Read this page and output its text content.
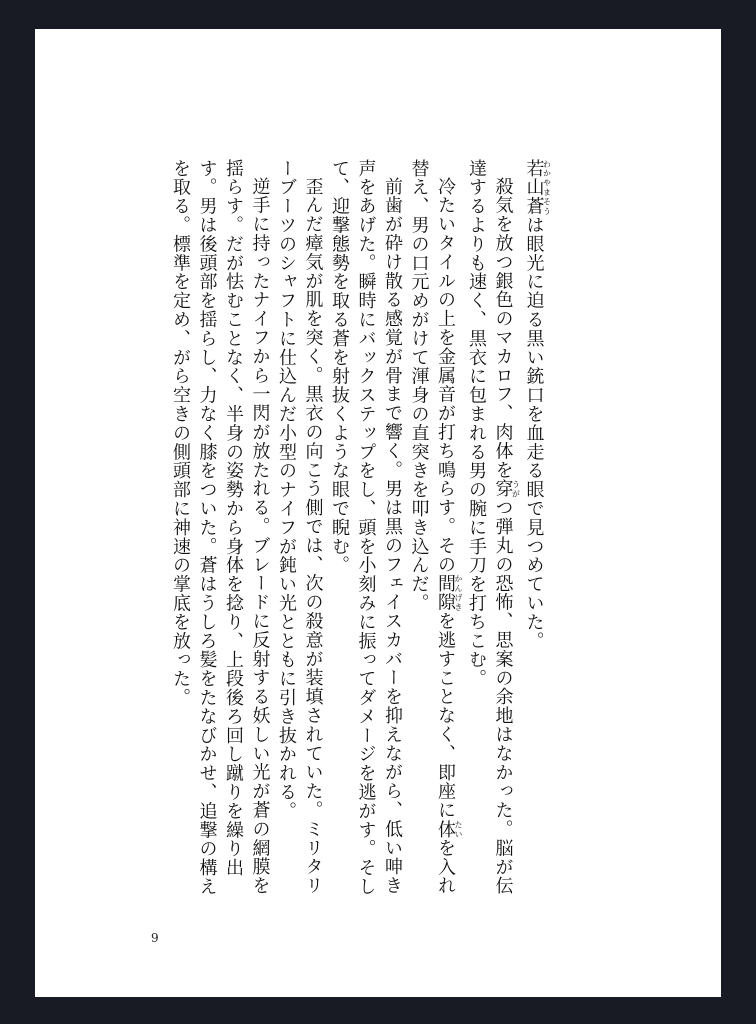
若山蒼わかやまそうは眼光に迫る黒い銃口を血走る眼で見つめていた。

殺気を放つ銀色のマカロフ、肉体を穿うがつ弾丸の恐怖、思案の余地はなかった。脳が伝達するよりも速く、黒衣に包まれる男の腕に手刀を打ちこむ。

冷たいタイルの上を金属音が打ち鳴らす。その間隙かんげきを逃すことなく、即座に体たいを入れ替え、男の口元めがけて渾身の直突きを叩き込んだ。

前歯が砕け散る感覚が骨まで響く。男は黒のフェイスカバーを抑えながら、低い呻き声をあげた。瞬時にバックステップをし、頭を小刻みに振ってダメージを逃がす。そして、迎撃態勢を取る蒼を射抜くような眼で睨む。

歪んだ瘴気が肌を突く。黒衣の向こう側では、次の殺意が装填されていた。ミリタリーブーツのシャフトに仕込んだ小型のナイフが鈍い光とともに引き抜かれる。

逆手に持ったナイフから一閃が放たれる。ブレードに反射する妖しい光が蒼の網膜を揺らす。だが怯むことなく、半身の姿勢から身体を捻り、上段後ろ回し蹴りを繰り出す。男は後頭部を揺らし、力なく膝をついた。蒼はうしろ髪をたなびかせ、追撃の構えを取る。標準を定め、がら空きの側頭部に神速の掌底を放った。

9
